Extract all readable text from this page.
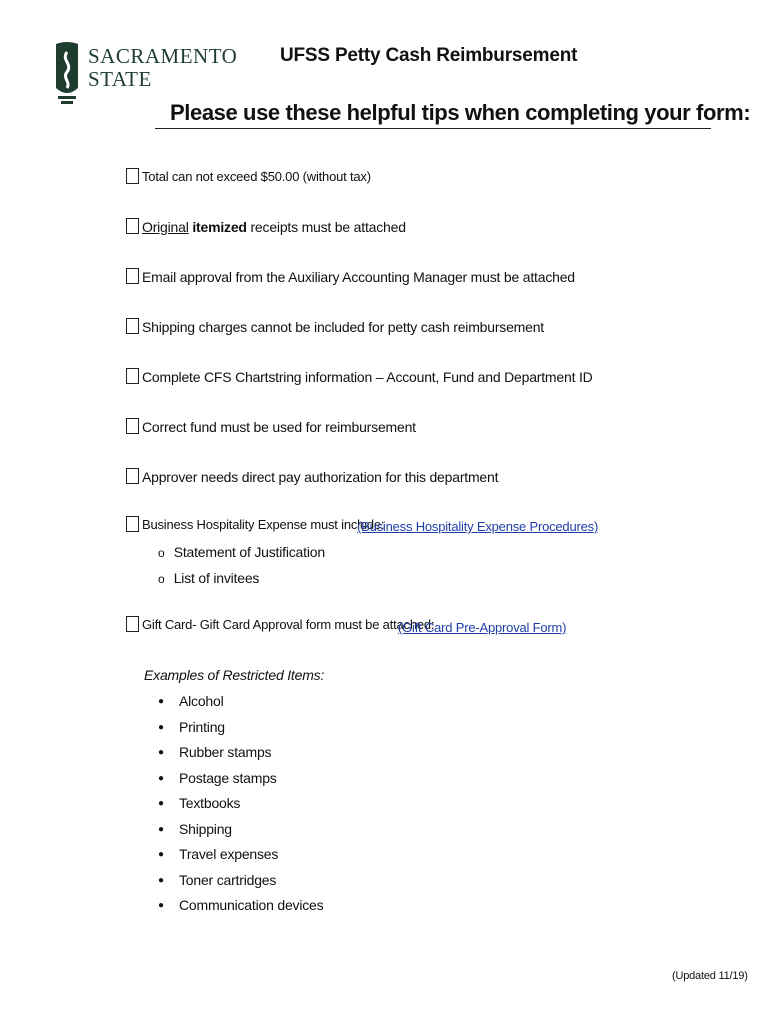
SACRAMENTO
STATE
UFSS Petty Cash Reimbursement
Please use these helpful tips when completing your form:
Total can not exceed $50.00 (without tax)
Original itemized receipts must be attached
Email approval from the Auxiliary Accounting Manager must be attached
Shipping charges cannot be included for petty cash reimbursement
Complete CFS Chartstring information – Account, Fund and Department ID
Correct fund must be used for reimbursement
Approver needs direct pay authorization for this department
Business Hospitality Expense must include:
(Business Hospitality Expense Procedures)
o Statement of Justification
o List of invitees
Gift Card- Gift Card Approval form must be attached:
(Gift Card Pre-Approval Form)
Examples of Restricted Items:
● Alcohol
● Printing
● Rubber stamps
● Postage stamps
● Textbooks
● Shipping
● Travel expenses
● Toner cartridges
● Communication devices
(Updated 11/19)
